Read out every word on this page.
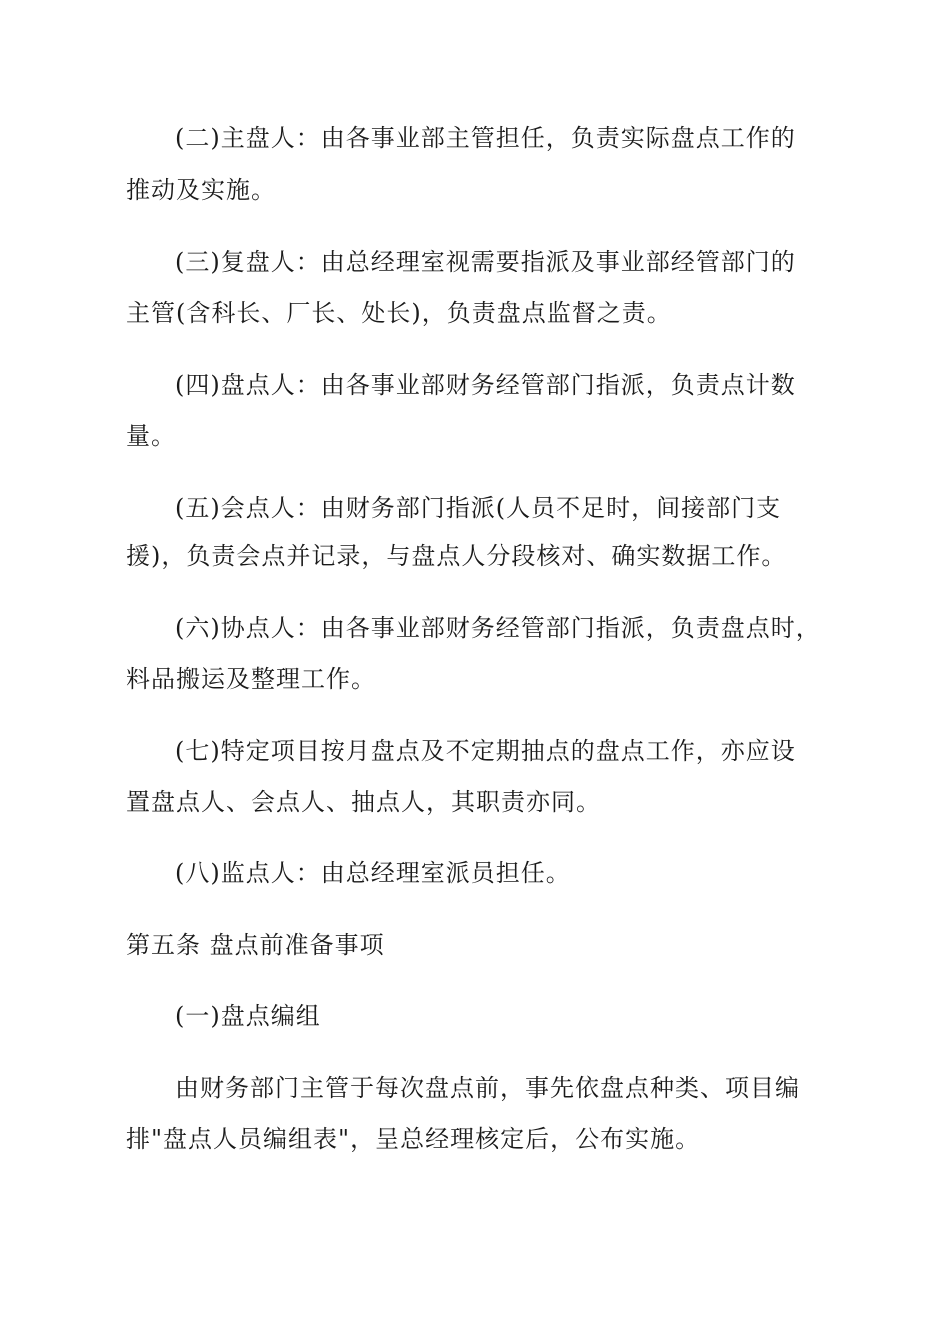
(二)主盘人：由各事业部主管担任，负责实际盘点工作的
推动及实施。
(三)复盘人：由总经理室视需要指派及事业部经管部门的
主管(含科长、厂长、处长)，负责盘点监督之责。
(四)盘点人：由各事业部财务经管部门指派，负责点计数
量。
(五)会点人：由财务部门指派(人员不足时，间接部门支
援)，负责会点并记录，与盘点人分段核对、确实数据工作。
(六)协点人：由各事业部财务经管部门指派，负责盘点时，
料品搬运及整理工作。
(七)特定项目按月盘点及不定期抽点的盘点工作，亦应设
置盘点人、会点人、抽点人，其职责亦同。
(八)监点人：由总经理室派员担任。
第五条 盘点前准备事项
(一)盘点编组
由财务部门主管于每次盘点前，事先依盘点种类、项目编
排"盘点人员编组表"，呈总经理核定后，公布实施。
